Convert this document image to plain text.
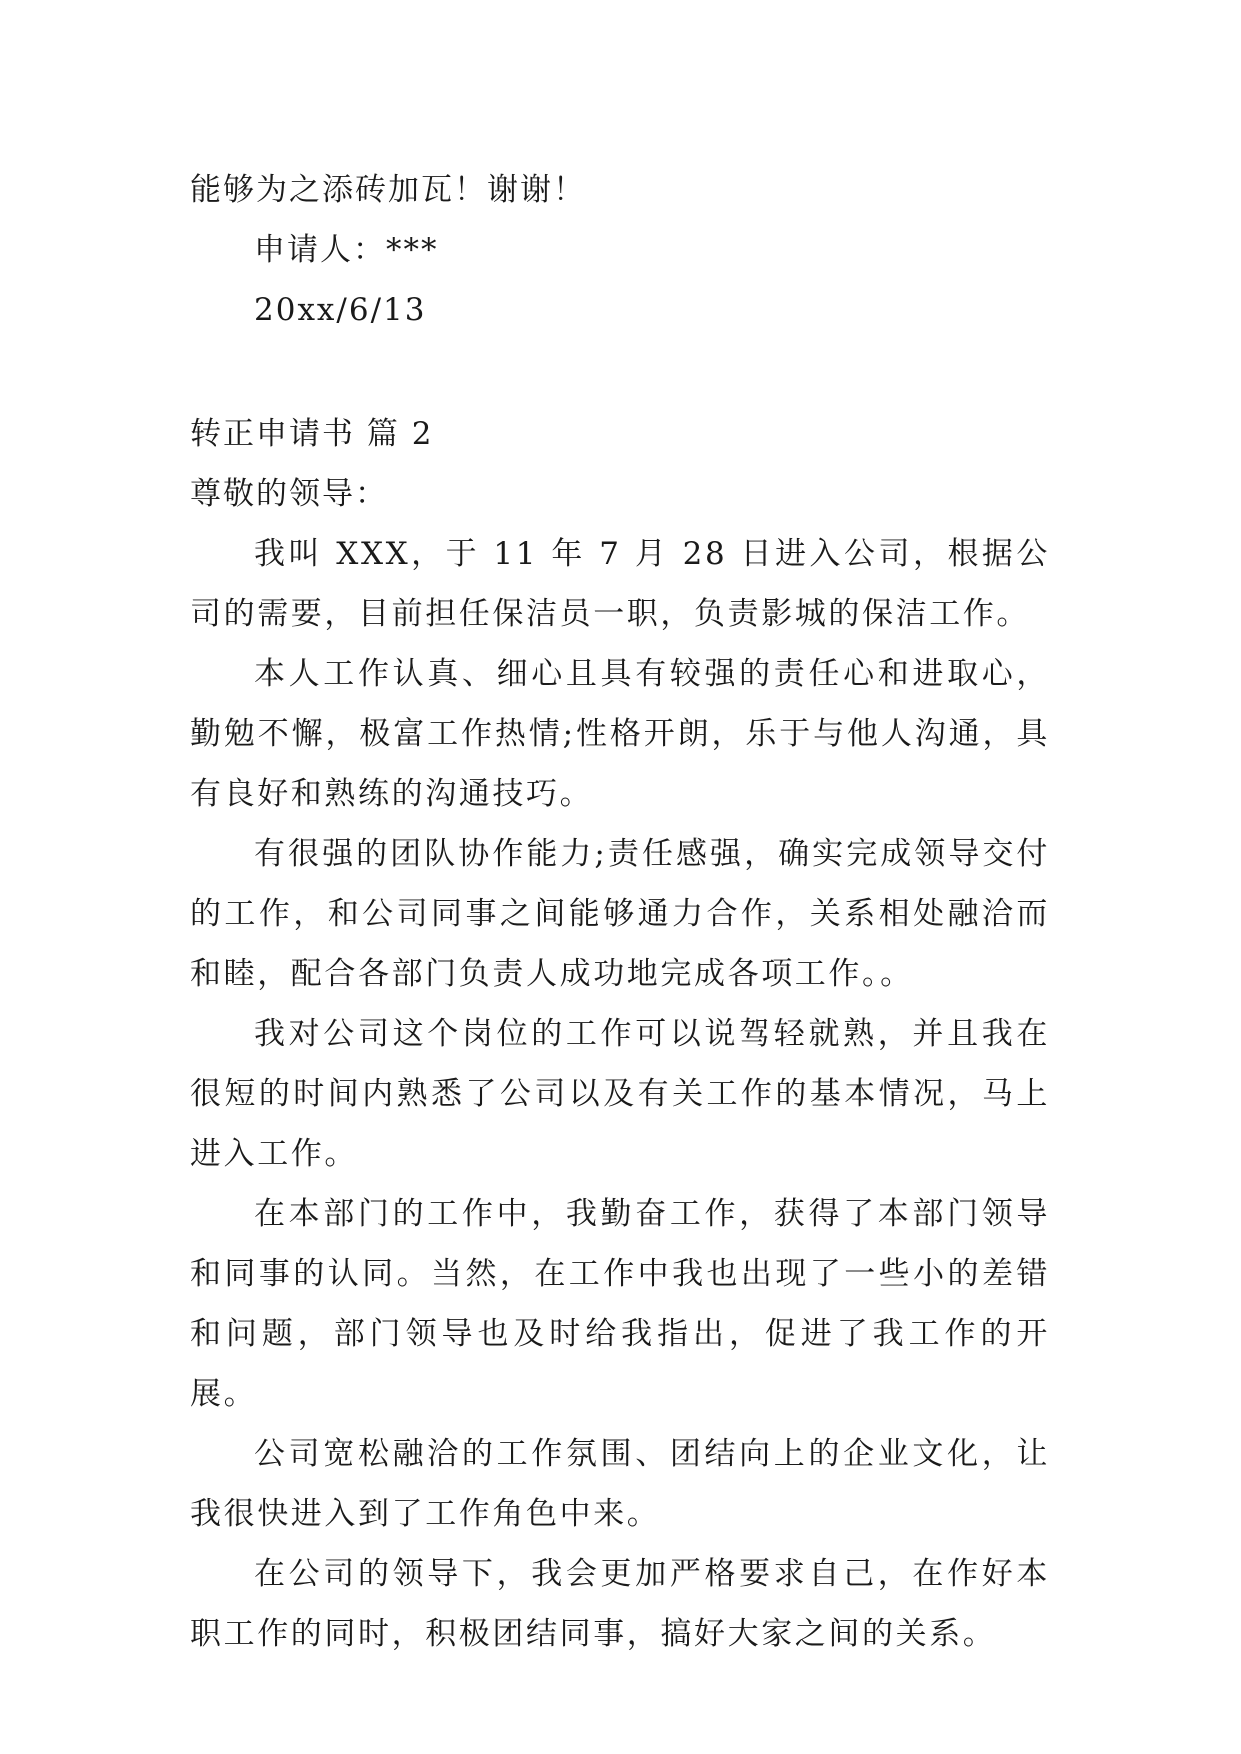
能够为之添砖加瓦！谢谢！
申请人：***
20xx/6/13
转正申请书 篇 2
尊敬的领导：

我叫 XXX，于 11 年 7 月 28 日进入公司，根据公司的需要，目前担任保洁员一职，负责影城的保洁工作。

本人工作认真、细心且具有较强的责任心和进取心，勤勉不懈，极富工作热情;性格开朗，乐于与他人沟通，具有良好和熟练的沟通技巧。

有很强的团队协作能力;责任感强，确实完成领导交付的工作，和公司同事之间能够通力合作，关系相处融洽而和睦，配合各部门负责人成功地完成各项工作。。

我对公司这个岗位的工作可以说驾轻就熟，并且我在很短的时间内熟悉了公司以及有关工作的基本情况，马上进入工作。

在本部门的工作中，我勤奋工作，获得了本部门领导和同事的认同。当然，在工作中我也出现了一些小的差错和问题，部门领导也及时给我指出，促进了我工作的开展。

公司宽松融洽的工作氛围、团结向上的企业文化，让我很快进入到了工作角色中来。

在公司的领导下，我会更加严格要求自己，在作好本职工作的同时，积极团结同事，搞好大家之间的关系。
